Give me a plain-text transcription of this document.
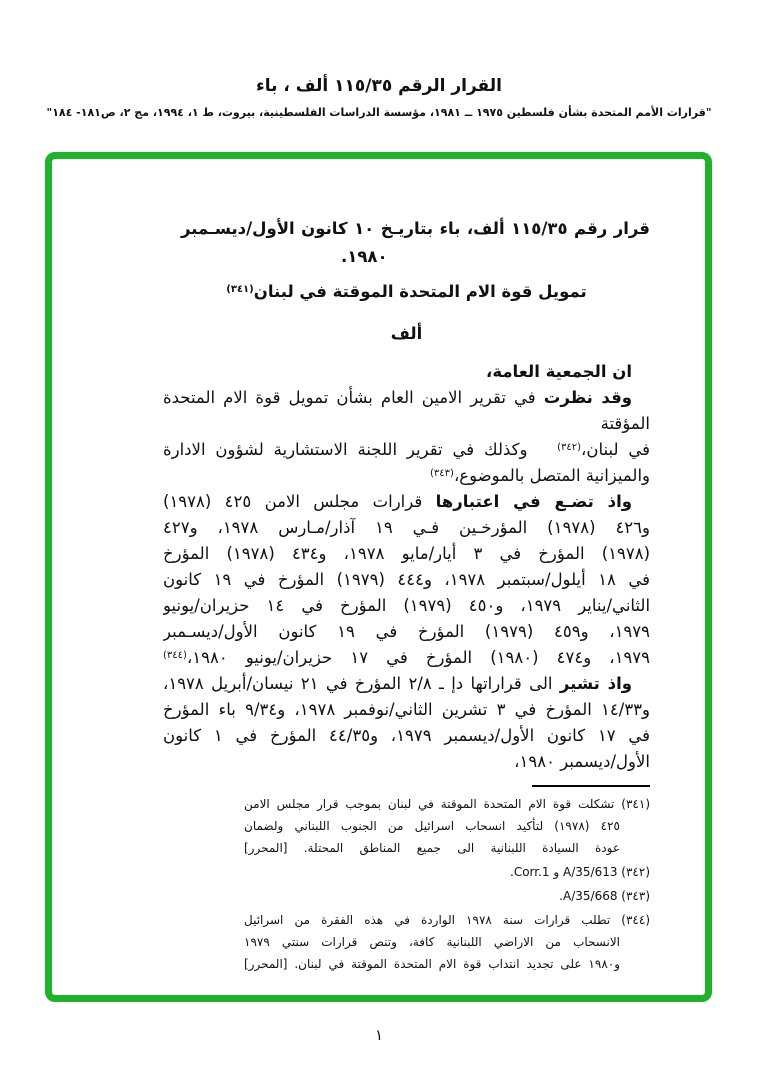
القرار الرقم ١١٥/٣٥ ألف ، باء
"قرارات الأمم المتحدة بشأن فلسطين ١٩٧٥ ــ ١٩٨١، مؤسسة الدراسات الفلسطينية، بيروت، ط ١، ١٩٩٤، مج ٢، ص١٨١- ١٨٤"
قرار رقم ١١٥/٣٥ ألف، باء بتاريـخ ١٠ كانون الأول/ديسـمبر
١٩٨٠.
تمويل قوة الام المتحدة الموقتة في لبنان$^{(٣٤١)}$
ألف
ان الجمعية العامة،
وقد نظرت في تقرير الامين العام بشأن تمويل قوة الام المتحدة المؤقتة
في لبنان،$^{(٣٤٢)}$   وكذلك في تقرير اللجنة الاستشارية لشؤون الادارة
والميزانية المتصل بالموضوع،$^{(٣٤٣)}$
واذ تضـع في اعتبارها قرارات مجلس الامن ٤٢٥ (١٩٧٨)
و٤٢٦ (١٩٧٨) المؤرخـين فـي ١٩ آذار/مـارس ١٩٧٨، و٤٢٧
(١٩٧٨) المؤرخ في ٣ أيار/مايو ١٩٧٨، و٤٣٤ (١٩٧٨) المؤرخ
في ١٨ أيلول/سبتمبر ١٩٧٨، و٤٤٤ (١٩٧٩) المؤرخ في ١٩ كانون
الثاني/يناير ١٩٧٩، و٤٥٠ (١٩٧٩) المؤرخ في ١٤ حزيران/يونيو
١٩٧٩، و٤٥٩ (١٩٧٩) المؤرخ في ١٩ كانون الأول/ديسـمبر
١٩٧٩، و٤٧٤ (١٩٨٠) المؤرخ في ١٧ حزيران/يونيو ١٩٨٠،$^{(٣٤٤)}$
واذ تشير الى قراراتها دإ ـ ٢/٨ المؤرخ في ٢١ نيسان/أبريل ١٩٧٨،
و١٤/٣٣ المؤرخ في ٣ تشرين الثاني/نوفمبر ١٩٧٨، و٩/٣٤ باء المؤرخ
في ١٧ كانون الأول/ديسمبر ١٩٧٩، و٤٤/٣٥ المؤرخ في ١ كانون
الأول/ديسمبر ١٩٨٠،
(٣٤١) تشكلت قوة الام المتحدة الموقتة في لبنان بموجب قرار مجلس الامن
٤٢٥ (١٩٧٨) لتأكيد انسحاب اسرائيل من الجنوب اللبناني ولضمان
عودة السيادة اللبنانية الى جميع المناطق المحتلة. [المحرر]
(٣٤٢) A/35/613 و Corr.1.
(٣٤٣) A/35/668.
(٣٤٤) تطلب قرارات سنة ١٩٧٨ الواردة في هذه الفقرة من اسرائيل
الانسحاب من الاراضي اللبنانية كافة، وتنص قرارات سنتي ١٩٧٩
و١٩٨٠ على تجديد انتداب قوة الام المتحدة الموقتة في لبنان. [المحرر]
١
